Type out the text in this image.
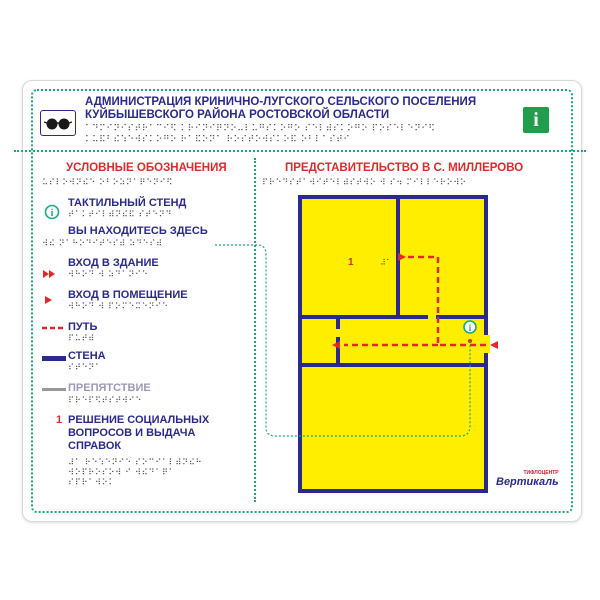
АДМИНИСТРАЦИЯ КРИНИЧНО-ЛУГСКОГО СЕЛЬСКОГО ПОСЕЛЕНИЯ
КУЙБЫШЕВСКОГО РАЙОНА РОСТОВСКОЙ ОБЛАСТИ
⠁⠙⠍⠊⠝⠊⠎⠞⠗⠁⠉⠊⠫ ⠅⠗⠊⠝⠊⠟⠝⠕⠤⠇⠥⠛⠎⠅⠕⠛⠕ ⠎⠑⠇⠾⠎⠅⠕⠛⠕ ⠏⠕⠎⠑⠇⠑⠝⠊⠫
⠅⠥⠯⠃⠮⠱⠑⠺⠎⠅⠕⠛⠕ ⠗⠁⠯⠕⠝⠁ ⠗⠕⠎⠞⠕⠺⠎⠅⠕⠯ ⠕⠃⠇⠁⠎⠞⠊
i
УСЛОВНЫЕ ОБОЗНАЧЕНИЯ
⠥⠎⠇⠕⠺⠝⠮⠑ ⠕⠃⠕⠵⠝⠁⠟⠑⠝⠊⠫
i
ТАКТИЛЬНЫЙ СТЕНД
⠞⠁⠅⠞⠊⠇⠾⠝⠮⠯ ⠎⠞⠑⠝⠙
ВЫ НАХОДИТЕСЬ ЗДЕСЬ
⠺⠮ ⠝⠁⠓⠕⠙⠊⠞⠑⠎⠾ ⠵⠙⠑⠎⠾
ВХОД В ЗДАНИЕ
⠺⠓⠕⠙ ⠺ ⠵⠙⠁⠝⠊⠑
ВХОД В ПОМЕЩЕНИЕ
⠺⠓⠕⠙ ⠺ ⠏⠕⠍⠑⠭⠑⠝⠊⠑
ПУТЬ
⠏⠥⠞⠾
СТЕНА
⠎⠞⠑⠝⠁
ПРЕПЯТСТВИЕ
⠏⠗⠑⠏⠫⠞⠎⠞⠺⠊⠑
1 РЕШЕНИЕ СОЦИАЛЬНЫХ
ВОПРОСОВ И ВЫДАЧА
СПРАВОК
⠼⠁ ⠗⠑⠱⠑⠝⠊⠑ ⠎⠕⠉⠊⠁⠇⠾⠝⠮⠓
⠺⠕⠏⠗⠕⠎⠕⠺ ⠊ ⠺⠮⠙⠁⠟⠁
⠎⠏⠗⠁⠺⠕⠅
ПРЕДСТАВИТЕЛЬСТВО В С. МИЛЛЕРОВО
⠏⠗⠑⠙⠎⠞⠁⠺⠊⠞⠑⠇⠾⠎⠞⠺⠕ ⠺ ⠎⠲ ⠍⠊⠇⠇⠑⠗⠕⠺⠕
i
1	⠼⠁
ТИФЛОЦЕНТР
Вертикаль
